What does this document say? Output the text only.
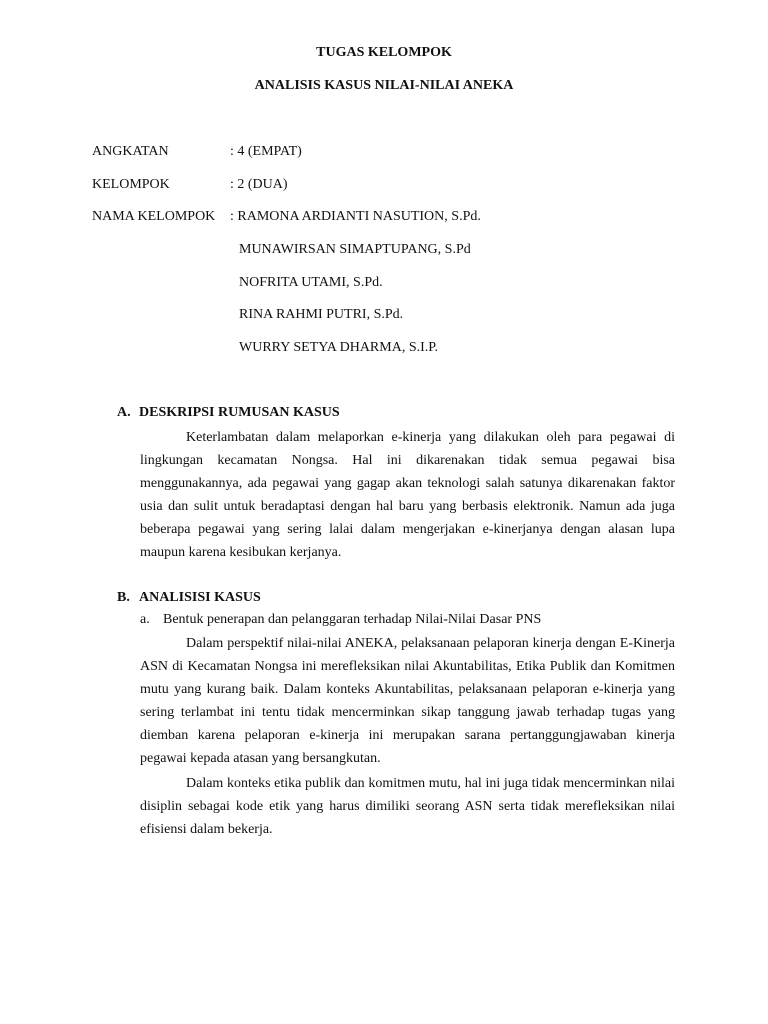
TUGAS KELOMPOK
ANALISIS KASUS NILAI-NILAI ANEKA
ANGKATAN	: 4 (EMPAT)
KELOMPOK	: 2 (DUA)
NAMA KELOMPOK : RAMONA ARDIANTI NASUTION, S.Pd.
MUNAWIRSAN SIMAPTUPANG, S.Pd
NOFRITA UTAMI, S.Pd.
RINA RAHMI PUTRI, S.Pd.
WURRY SETYA DHARMA, S.I.P.
A. DESKRIPSI RUMUSAN KASUS

Keterlambatan dalam melaporkan e-kinerja yang dilakukan oleh para pegawai di lingkungan kecamatan Nongsa. Hal ini dikarenakan tidak semua pegawai bisa menggunakannya, ada pegawai yang gagap akan teknologi salah satunya dikarenakan faktor usia dan sulit untuk beradaptasi dengan hal baru yang berbasis elektronik. Namun ada juga beberapa pegawai yang sering lalai dalam mengerjakan e-kinerjanya dengan alasan lupa maupun karena kesibukan kerjanya.

B. ANALISISI KASUS
a. Bentuk penerapan dan pelanggaran terhadap Nilai-Nilai Dasar PNS

Dalam perspektif nilai-nilai ANEKA, pelaksanaan pelaporan kinerja dengan E-Kinerja ASN di Kecamatan Nongsa ini merefleksikan nilai Akuntabilitas, Etika Publik dan Komitmen mutu yang kurang baik. Dalam konteks Akuntabilitas, pelaksanaan pelaporan e-kinerja yang sering terlambat ini tentu tidak mencerminkan sikap tanggung jawab terhadap tugas yang diemban karena pelaporan e-kinerja ini merupakan sarana pertanggungjawaban kinerja pegawai kepada atasan yang bersangkutan.

Dalam konteks etika publik dan komitmen mutu, hal ini juga tidak mencerminkan nilai disiplin sebagai kode etik yang harus dimiliki seorang ASN serta tidak merefleksikan nilai efisiensi dalam bekerja.
